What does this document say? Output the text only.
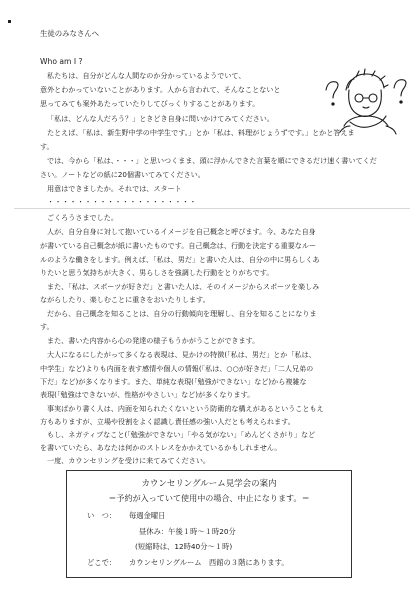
生徒のみなさんへ
Who am I ?
私たちは、自分がどんな人間なのか分かっているようでいて、
意外とわかっていないことがあります。人から言われて、そんなことないと
思ってみても案外あたっていたりしてびっくりすることがあります。
「私は、どんな人だろう？」ときどき自身に問いかけてみてください。
たとえば、「私は、新生野中学の中学生です。」とか「私は、料理がじょうずです。」とかと答えま
す。
では、今から「私は、・・・」と思いつくまま、頭に浮かんできた言葉を順にできるだけ速く書いてくだ
さい。ノートなどの紙に20個書いてみてください。
用意はできましたか。それでは、スタート
・・・・・・・・・・・・・・・・・・・・
ごくろうさまでした。
人が、自分自身に対して抱いているイメージを自己概念と呼びます。今、あなた自身
が書いている自己概念が紙に書いたものです。自己概念は、行動を決定する重要なルー
ルのような働きをします。例えば、「私は、男だ」と書いた人は、自分の中に男らしくあ
りたいと思う気持ちが大きく、男らしさを強調した行動をとりがちです。
また、「私は、スポーツが好きだ」と書いた人は、そのイメージからスポーツを楽しみ
ながらしたり、楽しむことに重きをおいたりします。
だから、自己概念を知ることは、自分の行動傾向を理解し、自分を知ることになりま
す。
また、書いた内容から心の発達の様子もうかがうことができます。
大人になるにしたがって多くなる表現は、見かけの特徴(「私は、男だ」とか「私は、
中学生」など)よりも内面を表す感情や個人の情報(「私は、○○が好きだ」「二人兄弟の
下だ」など)が多くなります。また、単純な表現(「勉強ができない」など)から複雑な
表現(「勉強はできないが、性格がやさしい」など)が多くなります。
事実ばかり書く人は、内面を知られたくないという防衛的な構えがあるということもえ
方もありますが、立場や役割をよく認識し責任感の強い人だとも考えられます。
もし、ネガティブなこと(「勉強ができない」「やる気がない」「めんどくさがり」など
を書いていたら、あなたは何かのストレスをかかえているかもしれません。
一度、カウンセリングを受けに来てみてください。
カウンセリングルーム見学会の案内
＝予約が入っていて使用中の場合、中止になります。＝
い　つ： 毎週金曜日
昼休み：午後１時〜１時20分
(短縮時は、12時40分〜１時)
どこで： カウンセリングルーム　西館の３階にあります。
